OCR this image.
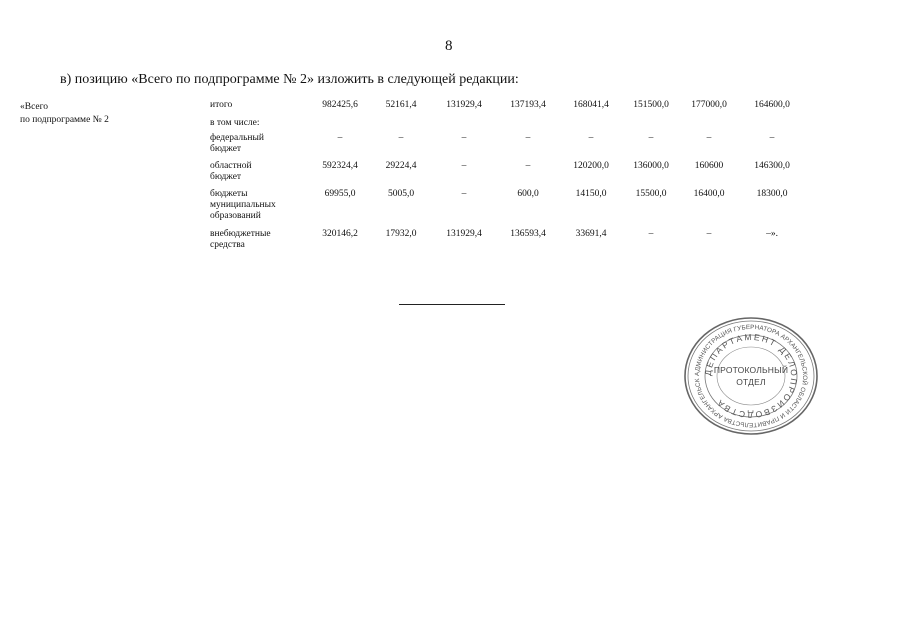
8
в) позицию «Всего по подпрограмме № 2» изложить в следующей редакции:
«Всего
по подпрограмме № 2
итого	982425,6	52161,4	131929,4	137193,4	168041,4	151500,0	177000,0	164600,0

в том числе:								

федеральный
бюджет	–	–	–	–	–	–	–	–

областной
бюджет	592324,4	29224,4	–	–	120200,0	136000,0	160600	146300,0

бюджеты
муниципальных
образований	69955,0	5005,0	–	600,0	14150,0	15500,0	16400,0	18300,0

внебюджетные
средства	320146,2	17932,0	131929,4	136593,4	33691,4	–	–	–».
АДМИНИСТРАЦИЯ ГУБЕРНАТОРА АРХАНГЕЛЬСКОЙ ОБЛАСТИ И ПРАВИТЕЛЬСТВА АРХАНГЕЛЬСК
ДЕПАРТАМЕНТ ДЕЛОПРОИЗВОДСТВА
ПРОТОКОЛЬНЫЙ
ОТДЕЛ
